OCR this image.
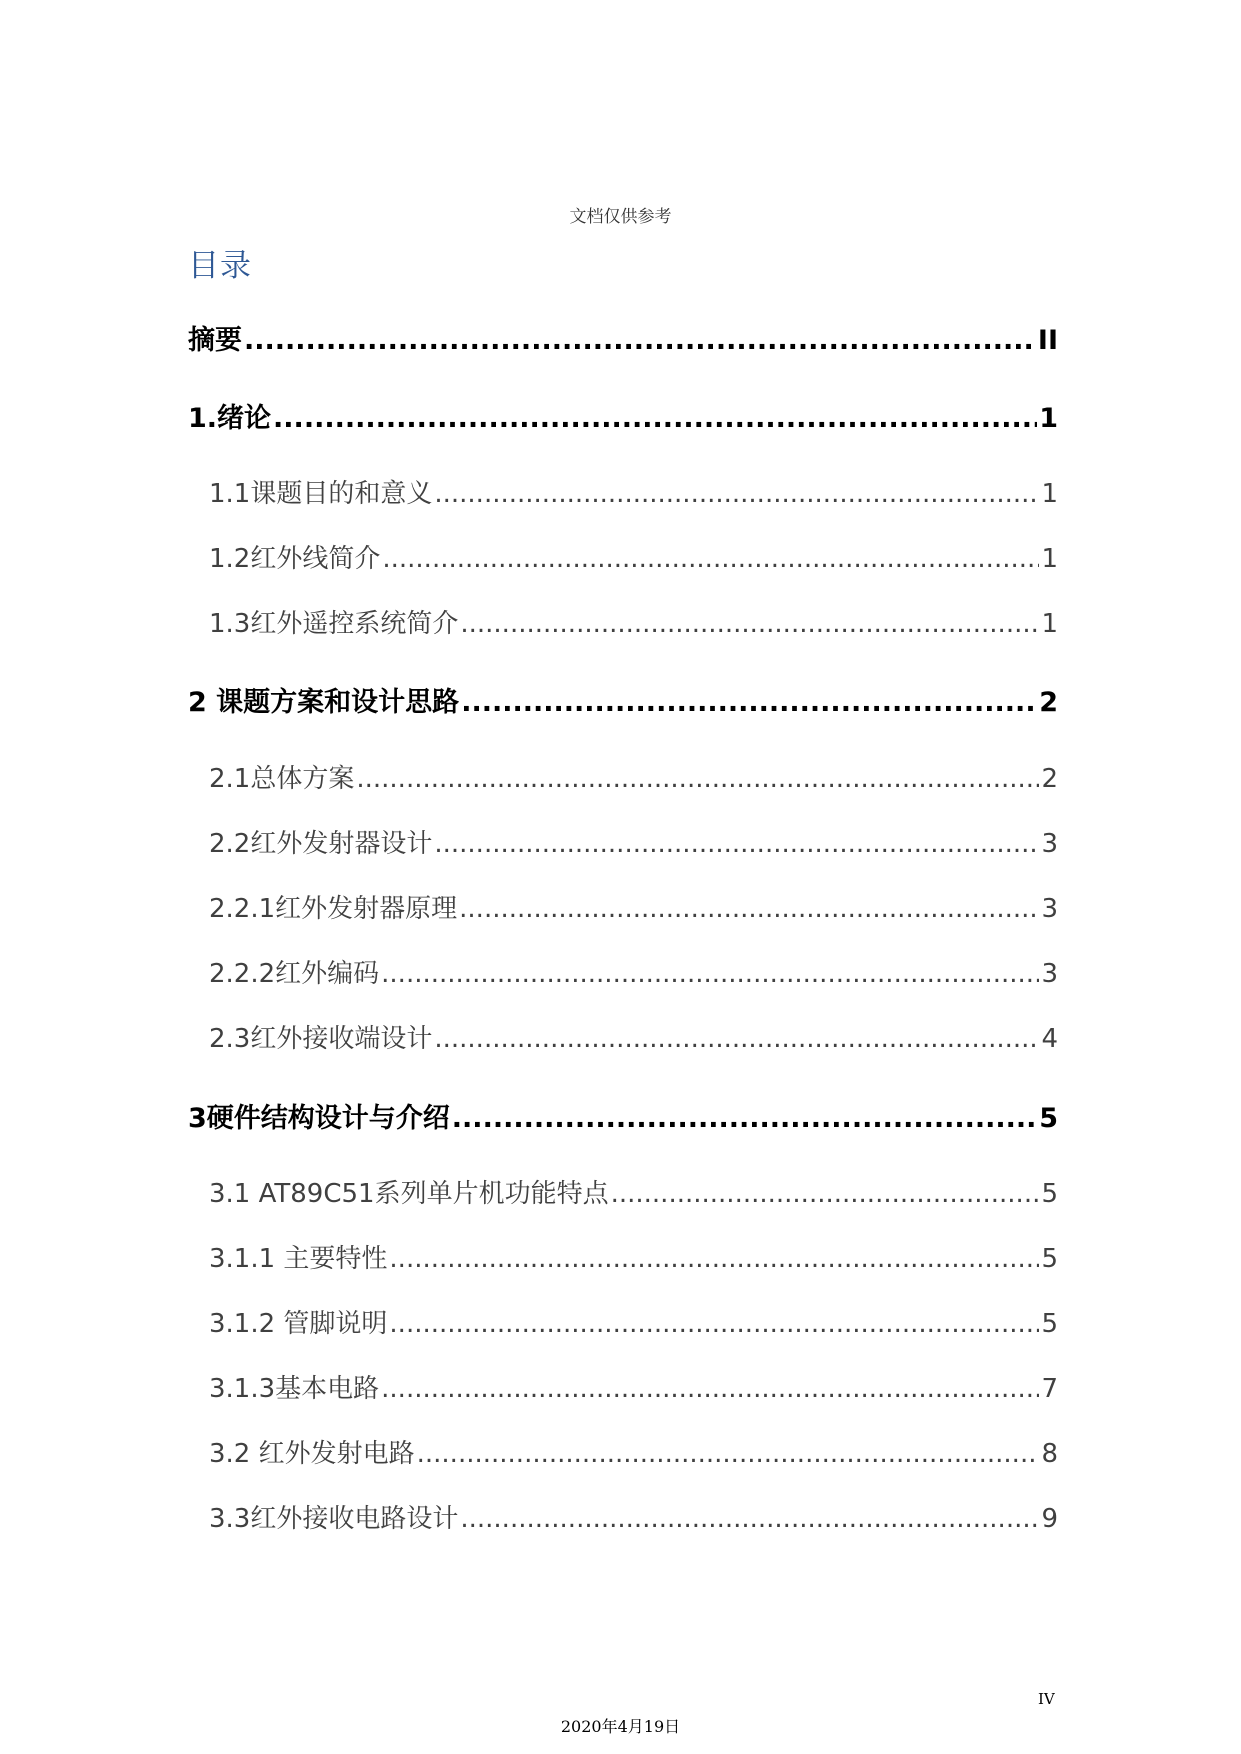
文档仅供参考
目录
摘要 .....	II
1.绪论 .....	1
1.1课题目的和意义 .....	1
1.2红外线简介 .....	1
1.3红外遥控系统简介 .....	1
2 课题方案和设计思路 .....	2
2.1总体方案 .....	2
2.2红外发射器设计 .....	3
2.2.1红外发射器原理 .....	3
2.2.2红外编码 .....	3
2.3红外接收端设计 .....	4
3硬件结构设计与介绍 .....	5
3.1 AT89C51系列单片机功能特点 .....	5
3.1.1 主要特性 .....	5
3.1.2 管脚说明 .....	5
3.1.3基本电路 .....	7
3.2 红外发射电路 .....	8
3.3红外接收电路设计 .....	9
IV
2020年4月19日
